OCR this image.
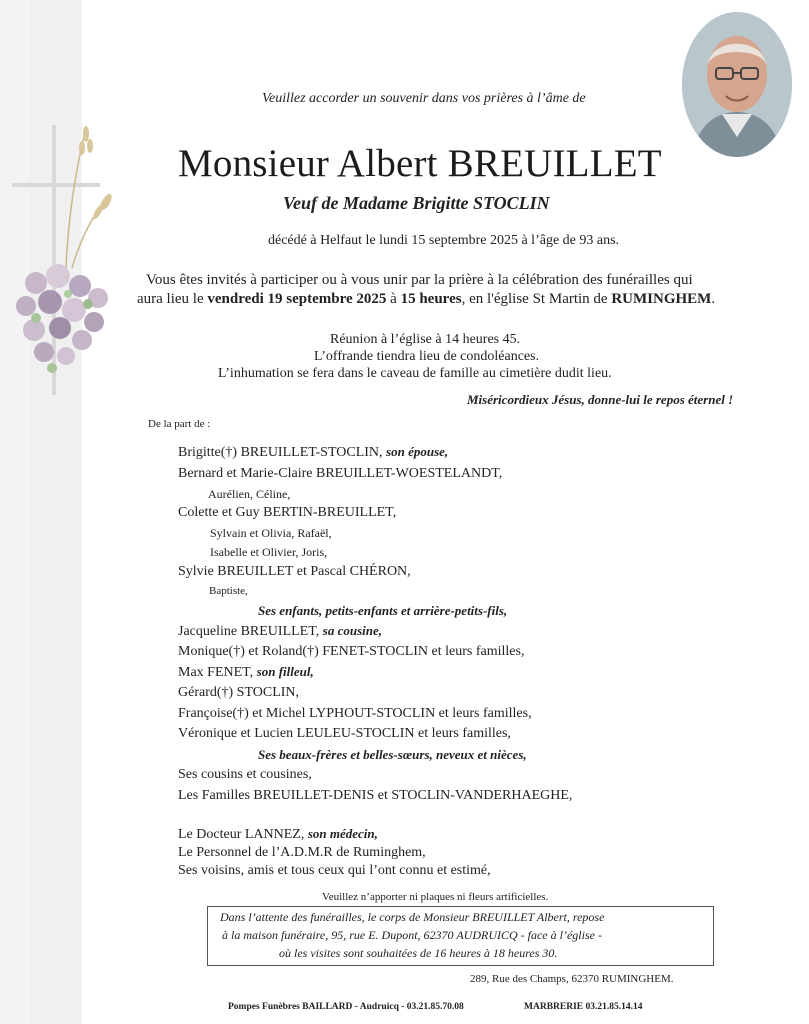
Veuillez accorder un souvenir dans vos prières à l’âme de
Monsieur Albert BREUILLET
Veuf de Madame Brigitte STOCLIN
décédé à Helfaut le lundi 15 septembre 2025 à l’âge de 93 ans.
Vous êtes invités à participer ou à vous unir par la prière à la célébration des funérailles qui
aura lieu le vendredi 19 septembre 2025 à 15 heures, en l'église St Martin de RUMINGHEM.
Réunion à l’église à 14 heures 45.
L’offrande tiendra lieu de condoléances.
L’inhumation se fera dans le caveau de famille au cimetière dudit lieu.
Miséricordieux Jésus, donne-lui le repos éternel !
De la part de :
Brigitte(†) BREUILLET-STOCLIN, son épouse,
Bernard et Marie-Claire BREUILLET-WOESTELANDT,
Aurélien, Céline,
Colette et Guy BERTIN-BREUILLET,
Sylvain et Olivia, Rafaël,
Isabelle et Olivier, Joris,
Sylvie BREUILLET et Pascal CHÉRON,
Baptiste,
Ses enfants, petits-enfants et arrière-petits-fils,
Jacqueline BREUILLET, sa cousine,
Monique(†) et Roland(†) FENET-STOCLIN et leurs familles,
Max FENET, son filleul,
Gérard(†) STOCLIN,
Françoise(†) et Michel LYPHOUT-STOCLIN et leurs familles,
Véronique et Lucien LEULEU-STOCLIN et leurs familles,
Ses beaux-frères et belles-sœurs, neveux et nièces,
Ses cousins et cousines,
Les Familles BREUILLET-DENIS et STOCLIN-VANDERHAEGHE,
Le Docteur LANNEZ, son médecin,
Le Personnel de l’A.D.M.R de Ruminghem,
Ses voisins, amis et tous ceux qui l’ont connu et estimé,
Veuillez n’apporter ni plaques ni fleurs artificielles.
Dans l’attente des funérailles, le corps de Monsieur BREUILLET Albert, repose
à la maison funéraire, 95, rue E. Dupont, 62370 AUDRUICQ - face à l’église -
où les visites sont souhaitées de 16 heures à 18 heures 30.
289, Rue des Champs, 62370 RUMINGHEM.
Pompes Funèbres BAILLARD - Audruicq - 03.21.85.70.08	MARBRERIE 03.21.85.14.14
